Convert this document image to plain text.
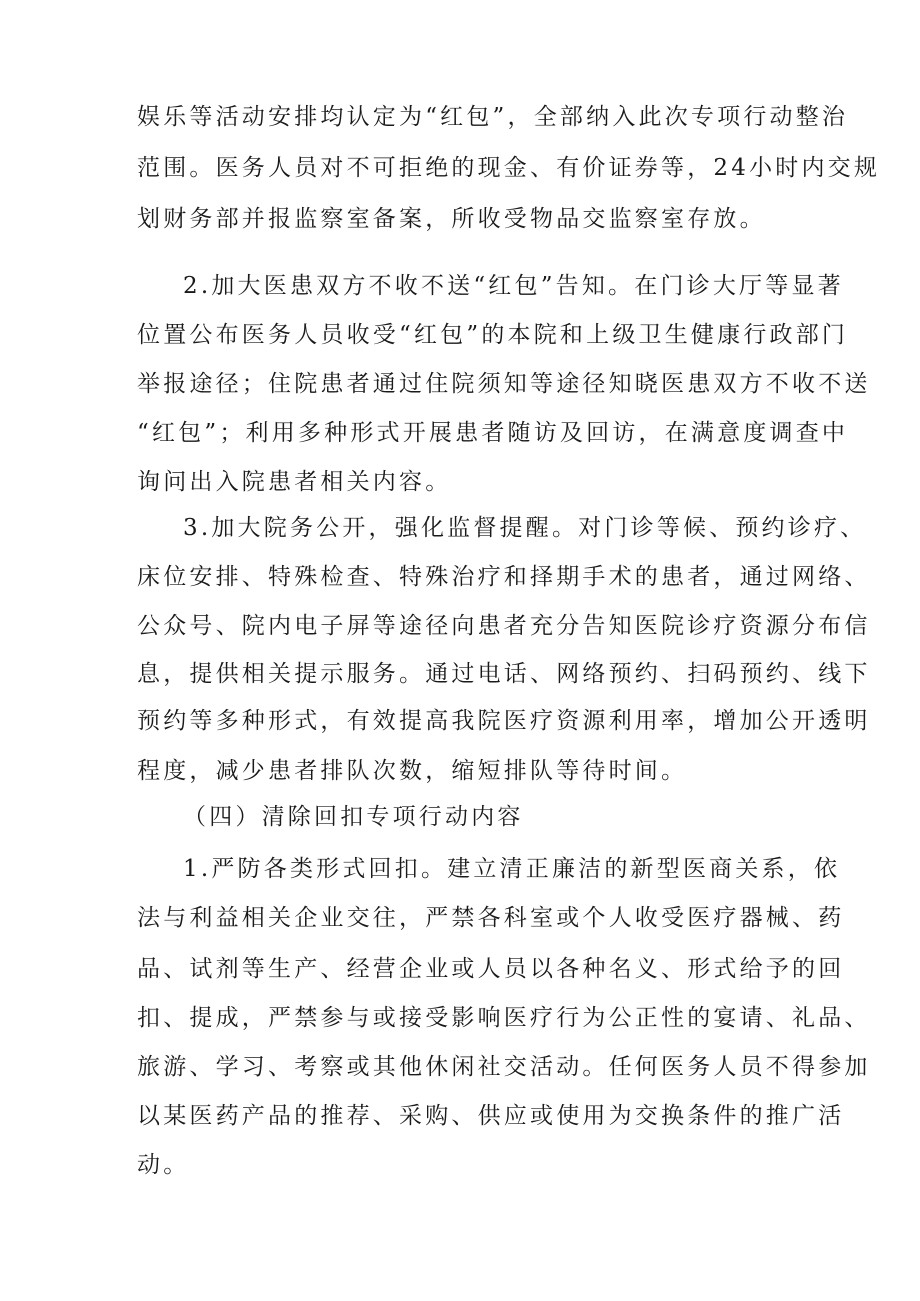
娱乐等活动安排均认定为“红包”，全部纳入此次专项行动整治
范围。医务人员对不可拒绝的现金、有价证券等，24小时内交规
划财务部并报监察室备案，所收受物品交监察室存放。
2.加大医患双方不收不送“红包”告知。在门诊大厅等显著
位置公布医务人员收受“红包”的本院和上级卫生健康行政部门
举报途径；住院患者通过住院须知等途径知晓医患双方不收不送
“红包”；利用多种形式开展患者随访及回访，在满意度调查中
询问出入院患者相关内容。
3.加大院务公开，强化监督提醒。对门诊等候、预约诊疗、
床位安排、特殊检查、特殊治疗和择期手术的患者，通过网络、
公众号、院内电子屏等途径向患者充分告知医院诊疗资源分布信
息，提供相关提示服务。通过电话、网络预约、扫码预约、线下
预约等多种形式，有效提高我院医疗资源利用率，增加公开透明
程度，减少患者排队次数，缩短排队等待时间。
（四）清除回扣专项行动内容
1.严防各类形式回扣。建立清正廉洁的新型医商关系，依
法与利益相关企业交往，严禁各科室或个人收受医疗器械、药
品、试剂等生产、经营企业或人员以各种名义、形式给予的回
扣、提成，严禁参与或接受影响医疗行为公正性的宴请、礼品、
旅游、学习、考察或其他休闲社交活动。任何医务人员不得参加
以某医药产品的推荐、采购、供应或使用为交换条件的推广活
动。
